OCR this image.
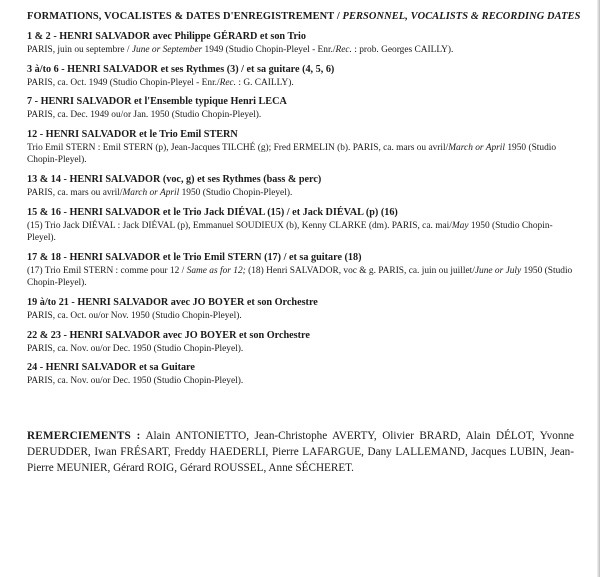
FORMATIONS, VOCALISTES & DATES D'ENREGISTREMENT / PERSONNEL, VOCALISTS & RECORDING DATES
1 & 2 - HENRI SALVADOR avec Philippe GÉRARD et son Trio
PARIS, juin ou septembre / June or September 1949 (Studio Chopin-Pleyel - Enr./Rec. : prob. Georges CAILLY).
3 à/to 6 - HENRI SALVADOR et ses Rythmes (3) / et sa guitare (4, 5, 6)
PARIS, ca. Oct. 1949 (Studio Chopin-Pleyel - Enr./Rec. : G. CAILLY).
7 - HENRI SALVADOR et l'Ensemble typique Henri LECA
PARIS, ca. Dec. 1949 ou/or Jan. 1950 (Studio Chopin-Pleyel).
12 - HENRI SALVADOR et le Trio Emil STERN
Trio Emil STERN : Emil STERN (p), Jean-Jacques TILCHÉ (g); Fred ERMELIN (b). PARIS, ca. mars ou avril/March or April 1950 (Studio Chopin-Pleyel).
13 & 14 - HENRI SALVADOR (voc, g) et ses Rythmes (bass & perc)
PARIS, ca. mars ou avril/March or April 1950 (Studio Chopin-Pleyel).
15 & 16 - HENRI SALVADOR et le Trio Jack DIÉVAL (15) / et Jack DIÉVAL (p) (16)
(15) Trio Jack DIÉVAL : Jack DIÉVAL (p), Emmanuel SOUDIEUX (b), Kenny CLARKE (dm). PARIS, ca. mai/May 1950 (Studio Chopin-Pleyel).
17 & 18 - HENRI SALVADOR et le Trio Emil STERN (17) / et sa guitare (18)
(17) Trio Emil STERN : comme pour 12 / Same as for 12; (18) Henri SALVADOR, voc & g. PARIS, ca. juin ou juillet/June or July 1950 (Studio Chopin-Pleyel).
19 à/to 21 - HENRI SALVADOR avec JO BOYER et son Orchestre
PARIS, ca. Oct. ou/or Nov. 1950 (Studio Chopin-Pleyel).
22 & 23 - HENRI SALVADOR avec JO BOYER et son Orchestre
PARIS, ca. Nov. ou/or Dec. 1950 (Studio Chopin-Pleyel).
24 - HENRI SALVADOR et sa Guitare
PARIS, ca. Nov. ou/or Dec. 1950 (Studio Chopin-Pleyel).
REMERCIEMENTS : Alain ANTONIETTO, Jean-Christophe AVERTY, Olivier BRARD, Alain DÉLOT, Yvonne DERUDDER, Iwan FRÉSART, Freddy HAEDERLI, Pierre LAFARGUE, Dany LALLEMAND, Jacques LUBIN, Jean-Pierre MEUNIER, Gérard ROIG, Gérard ROUSSEL, Anne SÉCHERET.
